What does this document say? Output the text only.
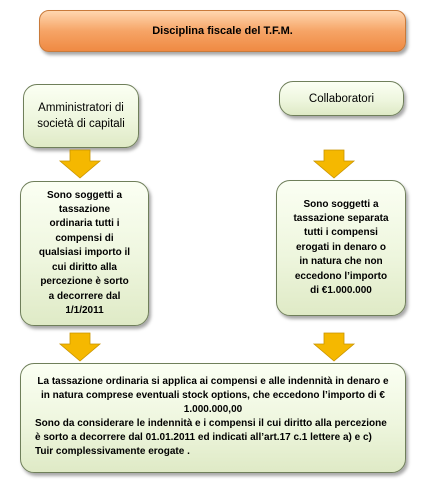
Disciplina fiscale del T.F.M.
Amministratori di società di capitali
Collaboratori
Sono soggetti a tassazione ordinaria tutti i compensi di qualsiasi importo il cui diritto alla percezione è sorto a decorrere dal 1/1/2011
Sono soggetti a tassazione separata tutti i compensi erogati in denaro o in natura che non eccedono l’importo di €1.000.000
La tassazione ordinaria si applica ai compensi e alle indennità in denaro e in natura comprese eventuali stock options, che eccedono l’importo di € 1.000.000,00
Sono da considerare le indennità e i compensi il cui diritto alla percezione è sorto a decorrere dal 01.01.2011 ed indicati all’art.17 c.1 lettere a) e c) Tuir complessivamente erogate .
